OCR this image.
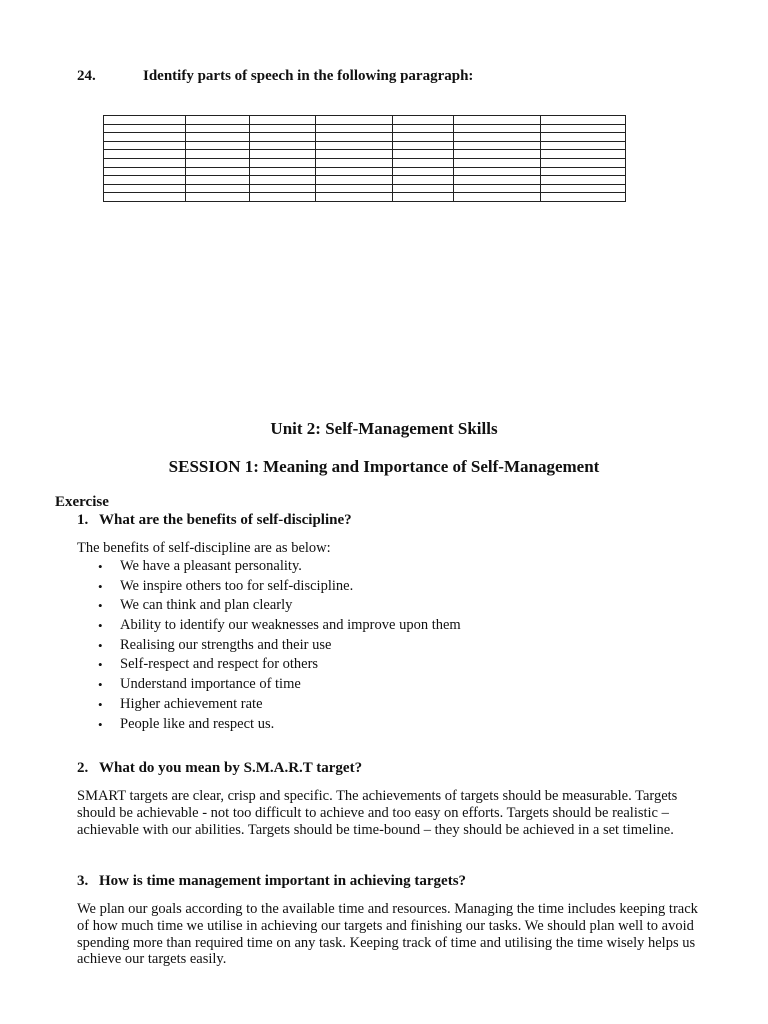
24.	Identify parts of speech in the following paragraph:

Unit 2: Self-Management Skills
SESSION 1: Meaning and Importance of Self-Management
Exercise
1. What are the benefits of self-discipline?
The benefits of self-discipline are as below:
•	We have a pleasant personality.
•	We inspire others too for self-discipline.
•	We can think and plan clearly
•	Ability to identify our weaknesses and improve upon them
•	Realising our strengths and their use
•	Self-respect and respect for others
•	Understand importance of time
•	Higher achievement rate
•	People like and respect us.
2. What do you mean by S.M.A.R.T target?

SMART targets are clear, crisp and specific. The achievements of targets should be measurable. Targets should be achievable - not too difficult to achieve and too easy on efforts. Targets should be realistic – achievable with our abilities. Targets should be time-bound – they should be achieved in a set timeline.

3. How is time management important in achieving targets?

We plan our goals according to the available time and resources. Managing the time includes keeping track of how much time we utilise in achieving our targets and finishing our tasks. We should plan well to avoid spending more than required time on any task. Keeping track of time and utilising the time wisely helps us achieve our targets easily.
